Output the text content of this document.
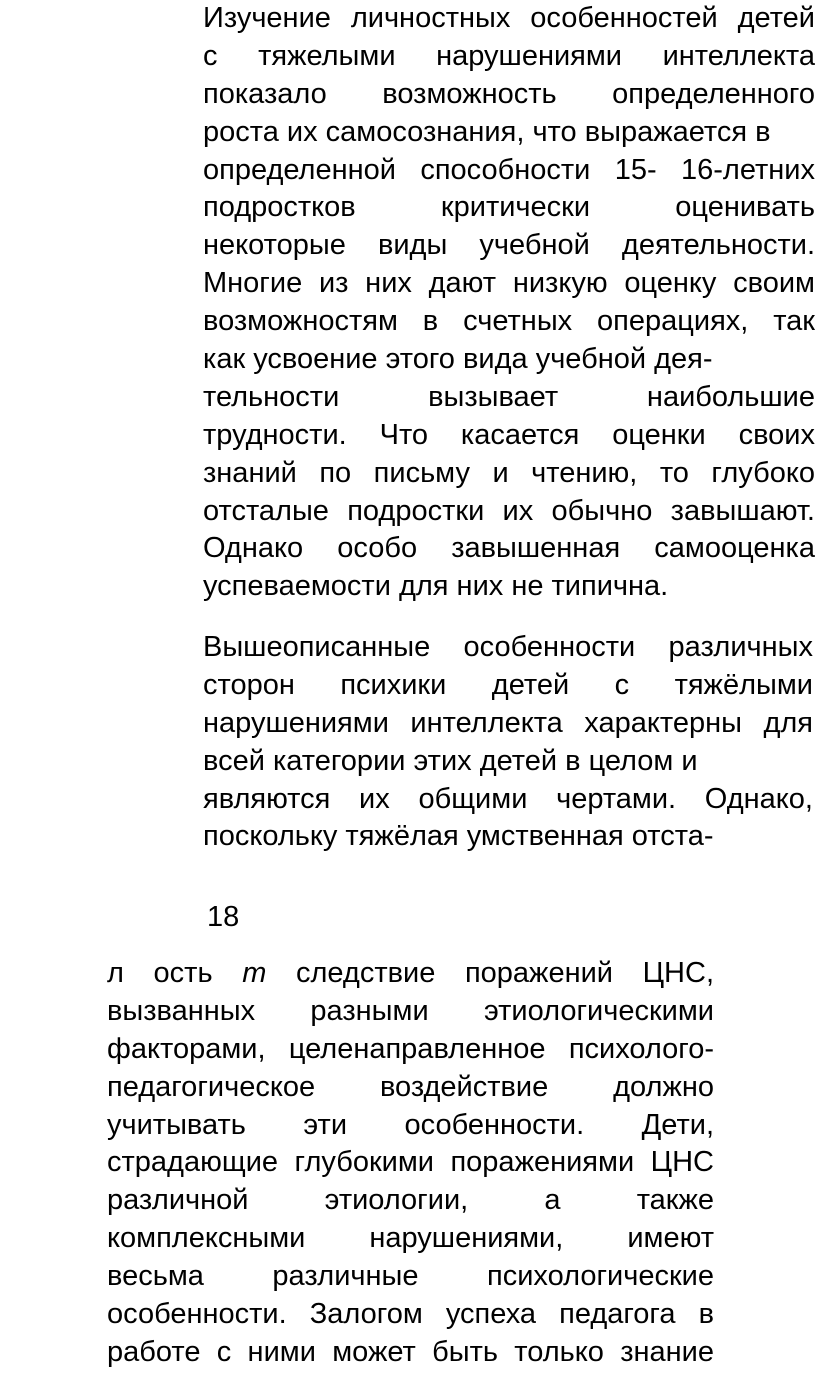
Изучение личностных особенностей детей
с тяжелыми нарушениями интеллекта
показало возможность определенного
роста их самосознания, что выражается в
определенной способности 15- 16-летних
подростков критически оценивать
некоторые виды учебной деятельности.
Многие из них дают низкую оценку своим
возможностям в счетных операциях, так
как усвоение этого вида учебной дея-
тельности вызывает наибольшие
трудности. Что касается оценки своих
знаний по письму и чтению, то глубоко
отсталые подростки их обычно завышают.
Однако особо завышенная самооценка
успеваемости для них не типична.
Вышеописанные особенности различных
сторон психики детей с тяжёлыми
нарушениями интеллекта характерны для
всей категории этих детей в целом и
являются их общими чертами. Однако,
поскольку тяжёлая умственная отста-
18
л ость т следствие поражений ЦНС,
вызванных разными этиологическими
факторами, целенаправленное психолого-
педагогическое воздействие должно
учитывать эти особенности. Дети,
страдающие глубокими поражениями ЦНС
различной этиологии, а также
комплексными нарушениями, имеют
весьма различные психологические
особенности. Залогом успеха педагога в
работе с ними может быть только знание
